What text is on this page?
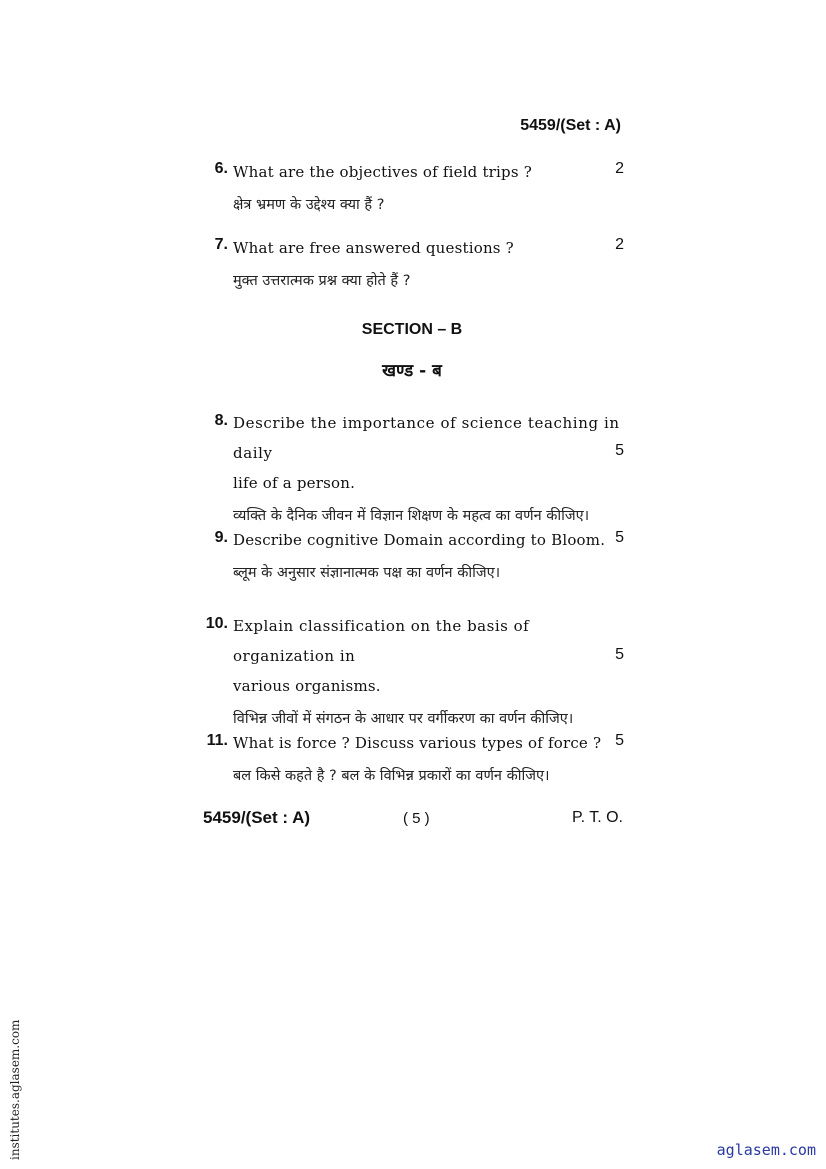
5459/(Set : A)
6.	2
What are the objectives of field trips ?
क्षेत्र भ्रमण के उद्देश्य क्या हैं ?
7.	2
What are free answered questions ?
मुक्त उत्तरात्मक प्रश्न क्या होते हैं ?
SECTION – B
खण्ड - ब
8.
5
Describe the importance of science teaching in daily
life of a person.
व्यक्ति के दैनिक जीवन में विज्ञान शिक्षण के महत्व का वर्णन कीजिए।
9.	5
Describe cognitive Domain according to Bloom.
ब्लूम के अनुसार संज्ञानात्मक पक्ष का वर्णन कीजिए।
10.
5
Explain classification on the basis of organization in
various organisms.
विभिन्न जीवों में संगठन के आधार पर वर्गीकरण का वर्णन कीजिए।
11.	5
What is force ? Discuss various types of force ?
बल किसे कहते है ? बल के विभिन्न प्रकारों का वर्णन कीजिए।
5459/(Set : A)	( 5 )	P. T. O.
institutes.aglasem.com	aglasem.com
